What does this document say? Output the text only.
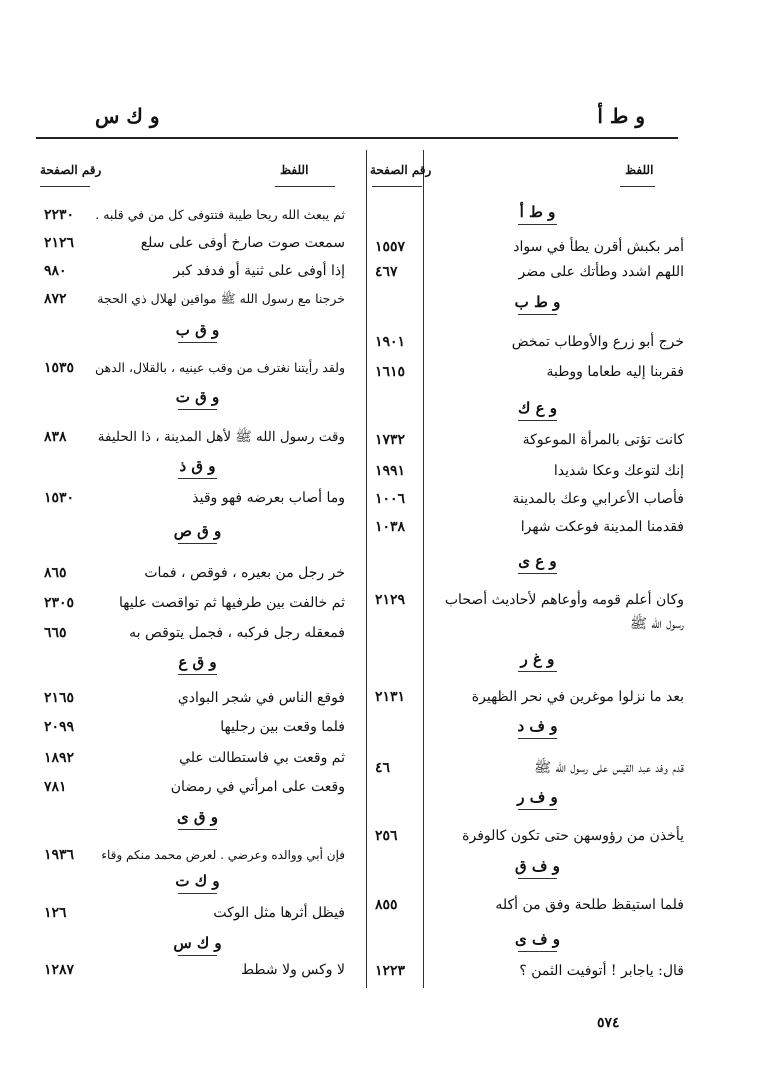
و ط أ
و ك س
اللفظ
رقم الصفحة
اللفظ
رقم الصفحة
و ط أ
أمر بكبش أقرن يطأ في سواد
١٥٥٧
اللهم اشدد وطأتك على مضر
٤٦٧
و ط ب
خرج أبو زرع والأوطاب تمخض
١٩٠١
فقربنا إليه طعاما ووطبة
١٦١٥
و ع ك
كانت تؤتى بالمرأة الموعوكة
١٧٣٢
إنك لتوعك وعكا شديدا
١٩٩١
فأصاب الأعرابي وعك بالمدينة
١٠٠٦
فقدمنا المدينة فوعكت شهرا
١٠٣٨
و ع ى
وكان أعلم قومه وأوعاهم لأحاديث أصحاب
٢١٢٩
رسول الله ﷺ
و غ ر
بعد ما نزلوا موغرين في نحر الظهيرة
٢١٣١
و ف د
قدم وفد عبد القيس على رسول الله ﷺ
٤٦
و ف ر
يأخذن من رؤوسهن حتى تكون كالوفرة
٢٥٦
و ف ق
فلما استيقظ طلحة وفق من أكله
٨٥٥
و ف ى
قال: ياجابر ! أتوفيت الثمن ؟
١٢٢٣
ثم يبعث الله ريحا طيبة فتتوفى كل من في قلبه .
٢٢٣٠
سمعت صوت صارخ أوفى على سلع
٢١٢٦
إذا أوفى على ثنية أو فدفد كبر
٩٨٠
خرجنا مع رسول الله ﷺ موافين لهلال ذي الحجة
٨٧٢
و ق ب
ولقد رأيتنا نغترف من وقب عينيه ، بالقلال، الدهن
١٥٣٥
و ق ت
وقت رسول الله ﷺ لأهل المدينة ، ذا الحليفة
٨٣٨
و ق ذ
وما أصاب بعرضه فهو وقيذ
١٥٣٠
و ق ص
خر رجل من بعيره ، فوقص ، فمات
٨٦٥
ثم خالفت بين طرفيها ثم تواقصت عليها
٢٣٠٥
فمعقله رجل فركبه ، فجمل يتوقص به
٦٦٥
و ق ع
فوقع الناس في شجر البوادي
٢١٦٥
فلما وقعت بين رجليها
٢٠٩٩
ثم وقعت بي فاستطالت علي
١٨٩٢
وقعت على امرأتي في رمضان
٧٨١
و ق ى
فإن أبي ووالده وعرضي . لعرض محمد منكم وقاء
١٩٣٦
و ك ت
فيظل أثرها مثل الوكت
١٢٦
و ك س
لا وكس ولا شطط
١٢٨٧
٥٧٤
